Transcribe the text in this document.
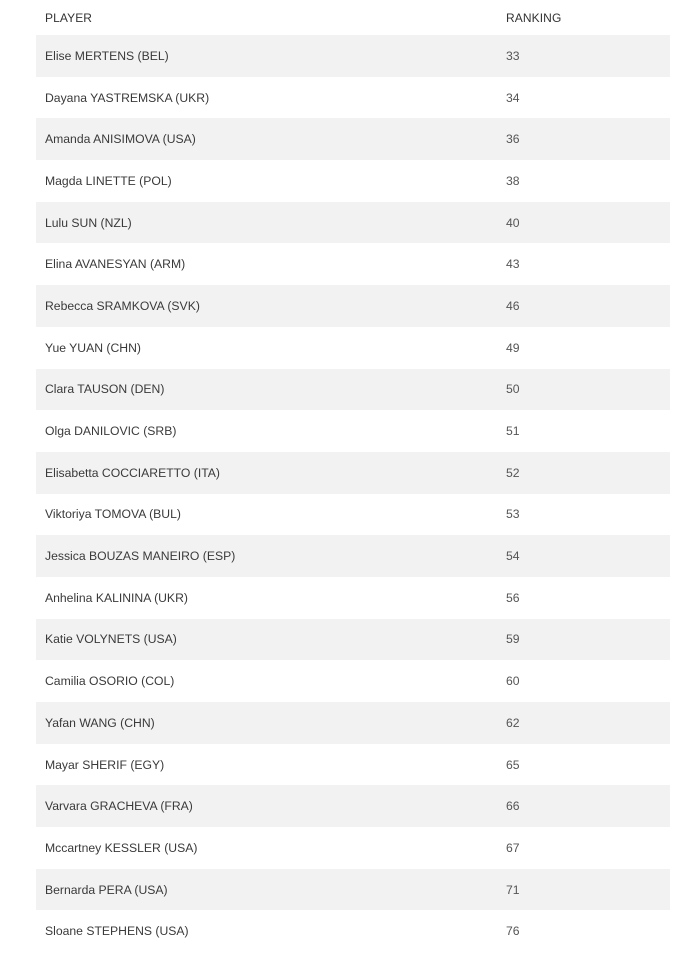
PLAYER	RANKING
Elise MERTENS (BEL)	33
Dayana YASTREMSKA (UKR)	34
Amanda ANISIMOVA (USA)	36
Magda LINETTE (POL)	38
Lulu SUN (NZL)	40
Elina AVANESYAN (ARM)	43
Rebecca SRAMKOVA (SVK)	46
Yue YUAN (CHN)	49
Clara TAUSON (DEN)	50
Olga DANILOVIC (SRB)	51
Elisabetta COCCIARETTO (ITA)	52
Viktoriya TOMOVA (BUL)	53
Jessica BOUZAS MANEIRO (ESP)	54
Anhelina KALININA (UKR)	56
Katie VOLYNETS (USA)	59
Camilia OSORIO (COL)	60
Yafan WANG (CHN)	62
Mayar SHERIF (EGY)	65
Varvara GRACHEVA (FRA)	66
Mccartney KESSLER (USA)	67
Bernarda PERA (USA)	71
Sloane STEPHENS (USA)	76
